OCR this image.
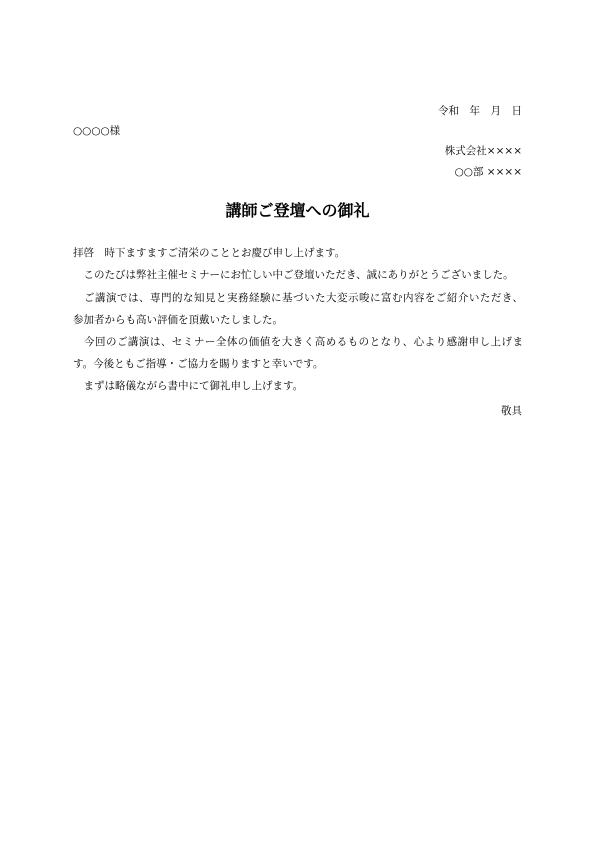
令和　年　月　日
○○○○様
株式会社××××
○○部 ××××
講師ご登壇への御礼
拝啓　時下ますますご清栄のこととお慶び申し上げます。
　このたびは弊社主催セミナーにお忙しい中ご登壇いただき、誠にありがとうございました。
　ご講演では、専門的な知見と実務経験に基づいた大変示唆に富む内容をご紹介いただき、
参加者からも高い評価を頂戴いたしました。
　今回のご講演は、セミナー全体の価値を大きく高めるものとなり、心より感謝申し上げま
す。今後ともご指導・ご協力を賜りますと幸いです。
　まずは略儀ながら書中にて御礼申し上げます。
敬具
